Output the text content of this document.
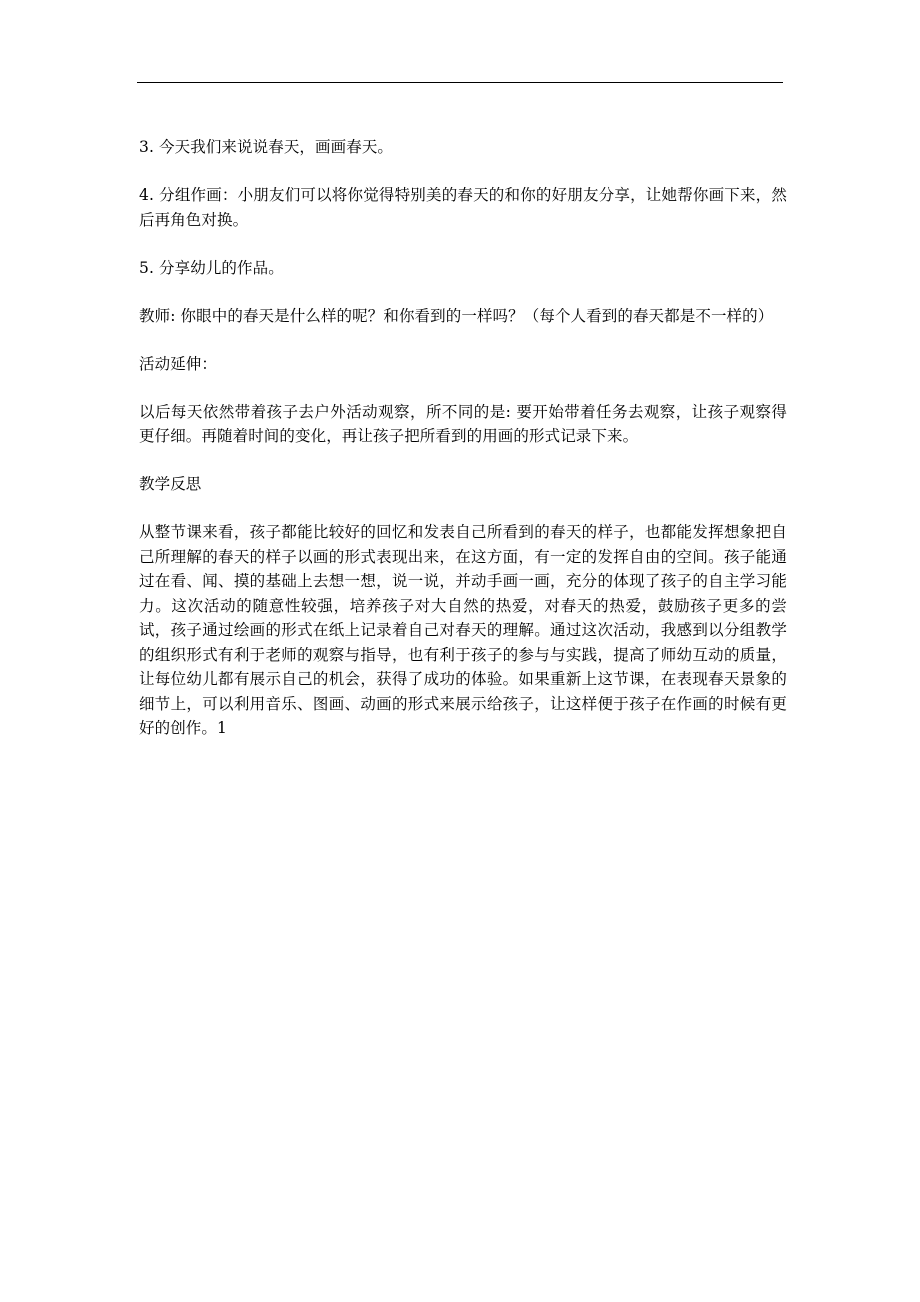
3. 今天我们来说说春天，画画春天。

4. 分组作画：小朋友们可以将你觉得特别美的春天的和你的好朋友分享，让她帮你画下来，然后再角色对换。

5. 分享幼儿的作品。

教师: 你眼中的春天是什么样的呢？和你看到的一样吗？（每个人看到的春天都是不一样的）

活动延伸：

以后每天依然带着孩子去户外活动观察，所不同的是: 要开始带着任务去观察，让孩子观察得更仔细。再随着时间的变化，再让孩子把所看到的用画的形式记录下来。

教学反思

从整节课来看，孩子都能比较好的回忆和发表自己所看到的春天的样子，也都能发挥想象把自己所理解的春天的样子以画的形式表现出来，在这方面，有一定的发挥自由的空间。孩子能通过在看、闻、摸的基础上去想一想，说一说，并动手画一画，充分的体现了孩子的自主学习能力。这次活动的随意性较强，培养孩子对大自然的热爱，对春天的热爱，鼓励孩子更多的尝试，孩子通过绘画的形式在纸上记录着自己对春天的理解。通过这次活动，我感到以分组教学的组织形式有利于老师的观察与指导，也有利于孩子的参与与实践，提高了师幼互动的质量，让每位幼儿都有展示自己的机会，获得了成功的体验。如果重新上这节课，在表现春天景象的细节上，可以利用音乐、图画、动画的形式来展示给孩子，让这样便于孩子在作画的时候有更好的创作。1
